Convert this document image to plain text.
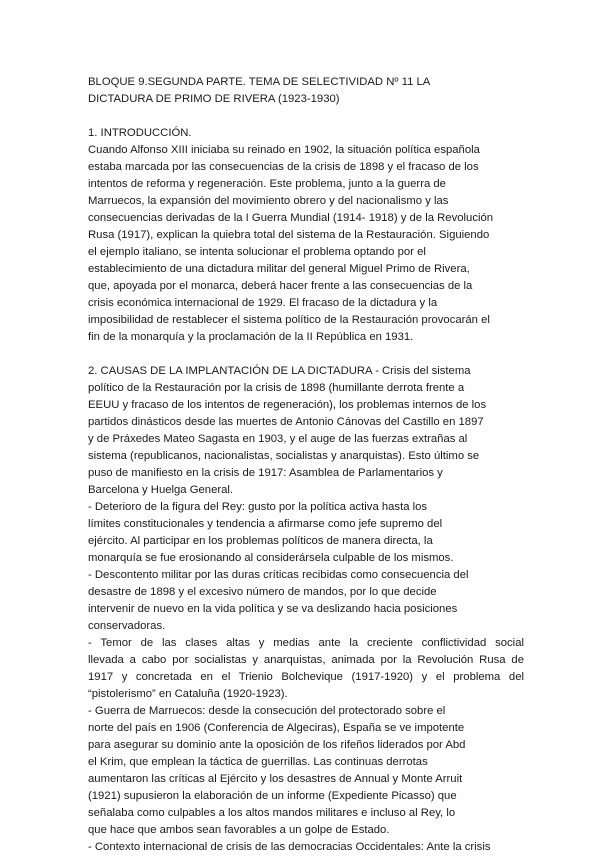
BLOQUE 9.SEGUNDA PARTE. TEMA DE SELECTIVIDAD Nº 11 LA
DICTADURA DE PRIMO DE RIVERA (1923-1930)
1. INTRODUCCIÓN.
Cuando Alfonso XIII iniciaba su reinado en 1902, la situación política española
estaba marcada por las consecuencias de la crisis de 1898 y el fracaso de los
intentos de reforma y regeneración. Este problema, junto a la guerra de
Marruecos, la expansión del movimiento obrero y del nacionalismo y las
consecuencias derivadas de la I Guerra Mundial (1914- 1918) y de la Revolución
Rusa (1917), explican la quiebra total del sistema de la Restauración. Siguiendo
el ejemplo italiano, se intenta solucionar el problema optando por el
establecimiento de una dictadura militar del general Miguel Primo de Rivera,
que, apoyada por el monarca, deberá hacer frente a las consecuencias de la
crisis económica internacional de 1929. El fracaso de la dictadura y la
imposibilidad de restablecer el sistema político de la Restauración provocarán el
fin de la monarquía y la proclamación de la II República en 1931.
2. CAUSAS DE LA IMPLANTACIÓN DE LA DICTADURA - Crisis del sistema
político de la Restauración por la crisis de 1898 (humillante derrota frente a
EEUU y fracaso de los intentos de regeneración), los problemas internos de los
partidos dinásticos desde las muertes de Antonio Cánovas del Castillo en 1897
y de Práxedes Mateo Sagasta en 1903, y el auge de las fuerzas extrañas al
sistema (republicanos, nacionalistas, socialistas y anarquistas). Esto último se
puso de manifiesto en la crisis de 1917: Asamblea de Parlamentarios y
Barcelona y Huelga General.
- Deterioro de la figura del Rey: gusto por la política activa hasta los
límites constitucionales y tendencia a afirmarse como jefe supremo del
ejército. Al participar en los problemas políticos de manera directa, la
monarquía se fue erosionando al considerársela culpable de los mismos.
- Descontento militar por las duras críticas recibidas como consecuencia del
desastre de 1898 y el excesivo número de mandos, por lo que decide
intervenir de nuevo en la vida política y se va deslizando hacia posiciones
conservadoras.
- Temor de las clases altas y medias ante la creciente conflictividad social
llevada a cabo por socialistas y anarquistas, animada por la Revolución Rusa de
1917 y concretada en el Trienio Bolchevique (1917-1920) y el problema del
“pistolerismo” en Cataluña (1920-1923).
- Guerra de Marruecos: desde la consecución del protectorado sobre el
norte del país en 1906 (Conferencia de Algeciras), España se ve impotente
para asegurar su dominio ante la oposición de los rifeños liderados por Abd
el Krim, que emplean la táctica de guerrillas. Las continuas derrotas
aumentaron las críticas al Ejército y los desastres de Annual y Monte Arruit
(1921) supusieron la elaboración de un informe (Expediente Picasso) que
señalaba como culpables a los altos mandos militares e incluso al Rey, lo
que hace que ambos sean favorables a un golpe de Estado.
- Contexto internacional de crisis de las democracias Occidentales: Ante la crisis
